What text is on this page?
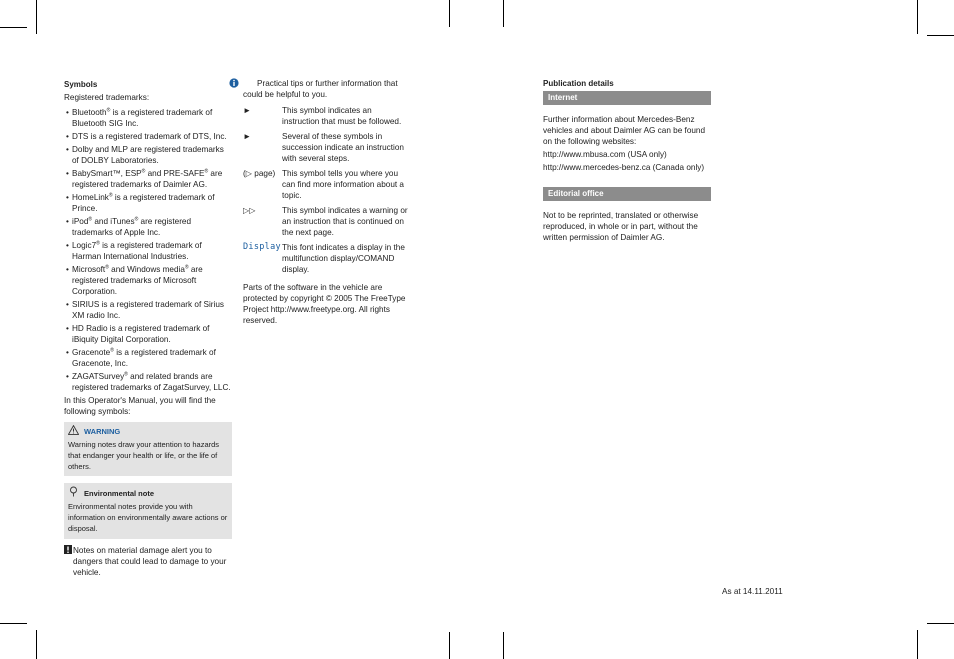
Symbols

Registered trademarks:

• Bluetooth® is a registered trademark of Bluetooth SIG Inc.
• DTS is a registered trademark of DTS, Inc.
• Dolby and MLP are registered trademarks of DOLBY Laboratories.
• BabySmart™, ESP® and PRE-SAFE® are registered trademarks of Daimler AG.
• HomeLink® is a registered trademark of Prince.
• iPod® and iTunes® are registered trademarks of Apple Inc.
• Logic7® is a registered trademark of Harman International Industries.
• Microsoft® and Windows media® are registered trademarks of Microsoft Corporation.
• SIRIUS is a registered trademark of Sirius XM radio Inc.
• HD Radio is a registered trademark of iBiquity Digital Corporation.
• Gracenote® is a registered trademark of Gracenote, Inc.
• ZAGATSurvey® and related brands are registered trademarks of ZagatSurvey, LLC.

In this Operator's Manual, you will find the following symbols:

WARNING
Warning notes draw your attention to hazards that endanger your health or life, or the life of others.
Environmental note
Environmental notes provide you with information on environmentally aware actions or disposal.
Notes on material damage alert you to dangers that could lead to damage to your vehicle.
Practical tips or further information that could be helpful to you.
►	This symbol indicates an instruction that must be followed.
►	Several of these symbols in succession indicate an instruction with several steps.
(▷ page) This symbol tells you where you can find more information about a topic.
▷▷	This symbol indicates a warning or an instruction that is continued on the next page.
Display This font indicates a display in the multifunction display/COMAND display.

Parts of the software in the vehicle are protected by copyright © 2005 The FreeType Project http://www.freetype.org. All rights reserved.

Publication details

Internet

Further information about Mercedes-Benz vehicles and about Daimler AG can be found on the following websites:

http://www.mbusa.com (USA only)

http://www.mercedes-benz.ca (Canada only)

Editorial office

Not to be reprinted, translated or otherwise reproduced, in whole or in part, without the written permission of Daimler AG.

As at 14.11.2011
